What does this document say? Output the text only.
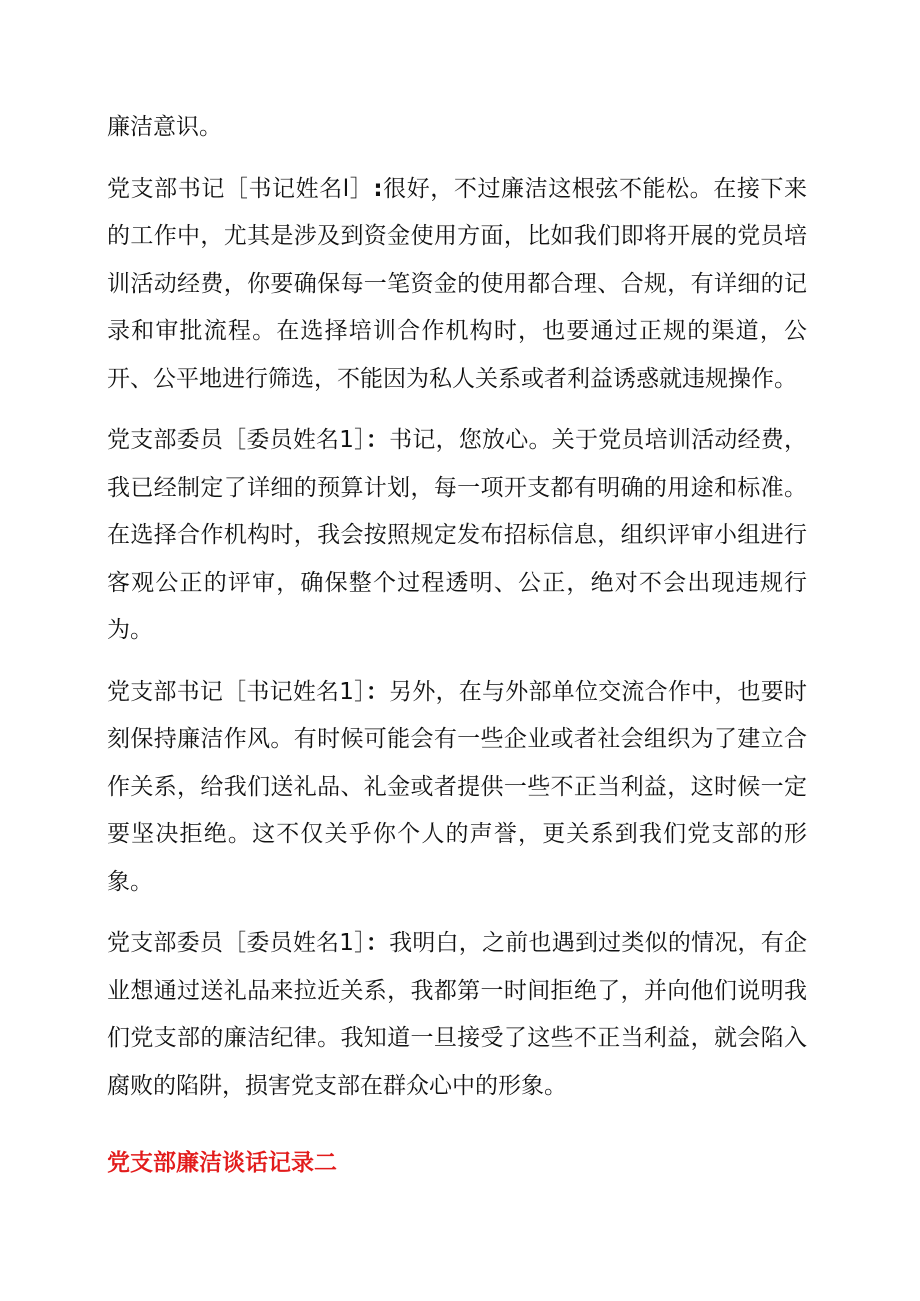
廉洁意识。

党支部书记［书记姓名l］:很好，不过廉洁这根弦不能松。在接下来的工作中，尤其是涉及到资金使用方面，比如我们即将开展的党员培训活动经费，你要确保每一笔资金的使用都合理、合规，有详细的记录和审批流程。在选择培训合作机构时，也要通过正规的渠道，公开、公平地进行筛选，不能因为私人关系或者利益诱惑就违规操作。

党支部委员［委员姓名1］：书记，您放心。关于党员培训活动经费，我已经制定了详细的预算计划，每一项开支都有明确的用途和标准。在选择合作机构时，我会按照规定发布招标信息，组织评审小组进行客观公正的评审，确保整个过程透明、公正，绝对不会出现违规行为。

党支部书记［书记姓名1］：另外，在与外部单位交流合作中，也要时刻保持廉洁作风。有时候可能会有一些企业或者社会组织为了建立合作关系，给我们送礼品、礼金或者提供一些不正当利益，这时候一定要坚决拒绝。这不仅关乎你个人的声誉，更关系到我们党支部的形象。

党支部委员［委员姓名1］：我明白，之前也遇到过类似的情况，有企业想通过送礼品来拉近关系，我都第一时间拒绝了，并向他们说明我们党支部的廉洁纪律。我知道一旦接受了这些不正当利益，就会陷入腐败的陷阱，损害党支部在群众心中的形象。

党支部廉洁谈话记录二
